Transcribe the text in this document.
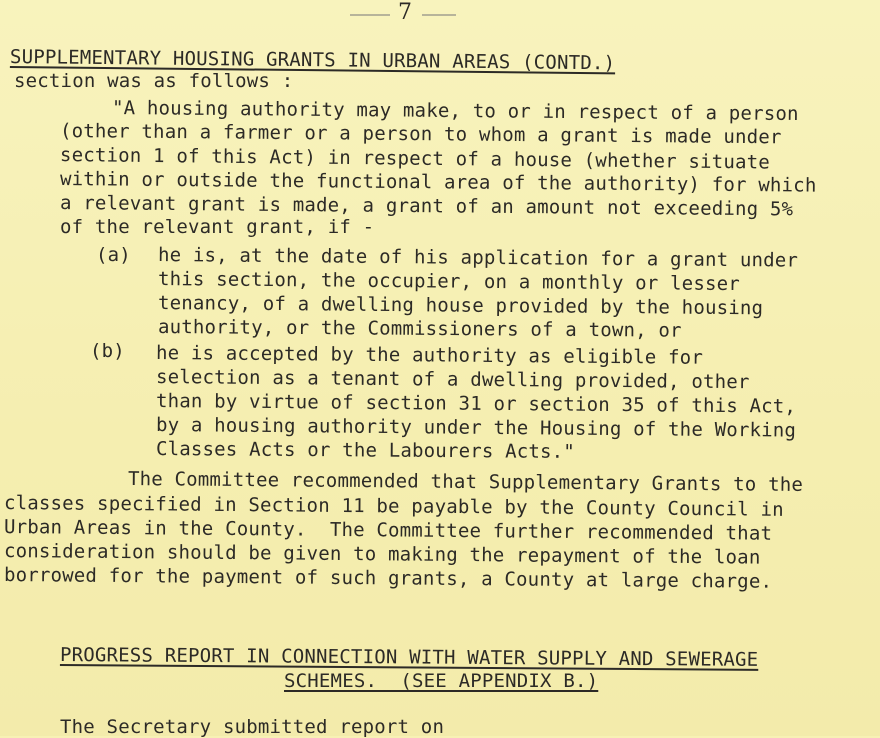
7
SUPPLEMENTARY HOUSING GRANTS IN URBAN AREAS (CONTD.)
section was as follows :
"A housing authority may make, to or in respect of a person
(other than a farmer or a person to whom a grant is made under
section 1 of this Act) in respect of a house (whether situate
within or outside the functional area of the authority) for which
a relevant grant is made, a grant of an amount not exceeding 5%
of the relevant grant, if -
(a) he is, at the date of his application for a grant under
this section, the occupier, on a monthly or lesser
tenancy, of a dwelling house provided by the housing
authority, or the Commissioners of a town, or
(b) he is accepted by the authority as eligible for
selection as a tenant of a dwelling provided, other
than by virtue of section 31 or section 35 of this Act,
by a housing authority under the Housing of the Working
Classes Acts or the Labourers Acts."
The Committee recommended that Supplementary Grants to the
classes specified in Section 11 be payable by the County Council in
Urban Areas in the County.  The Committee further recommended that
consideration should be given to making the repayment of the loan
borrowed for the payment of such grants, a County at large charge.
PROGRESS REPORT IN CONNECTION WITH WATER SUPPLY AND SEWERAGE
SCHEMES.  (SEE APPENDIX B.)
The Secretary submitted report on
